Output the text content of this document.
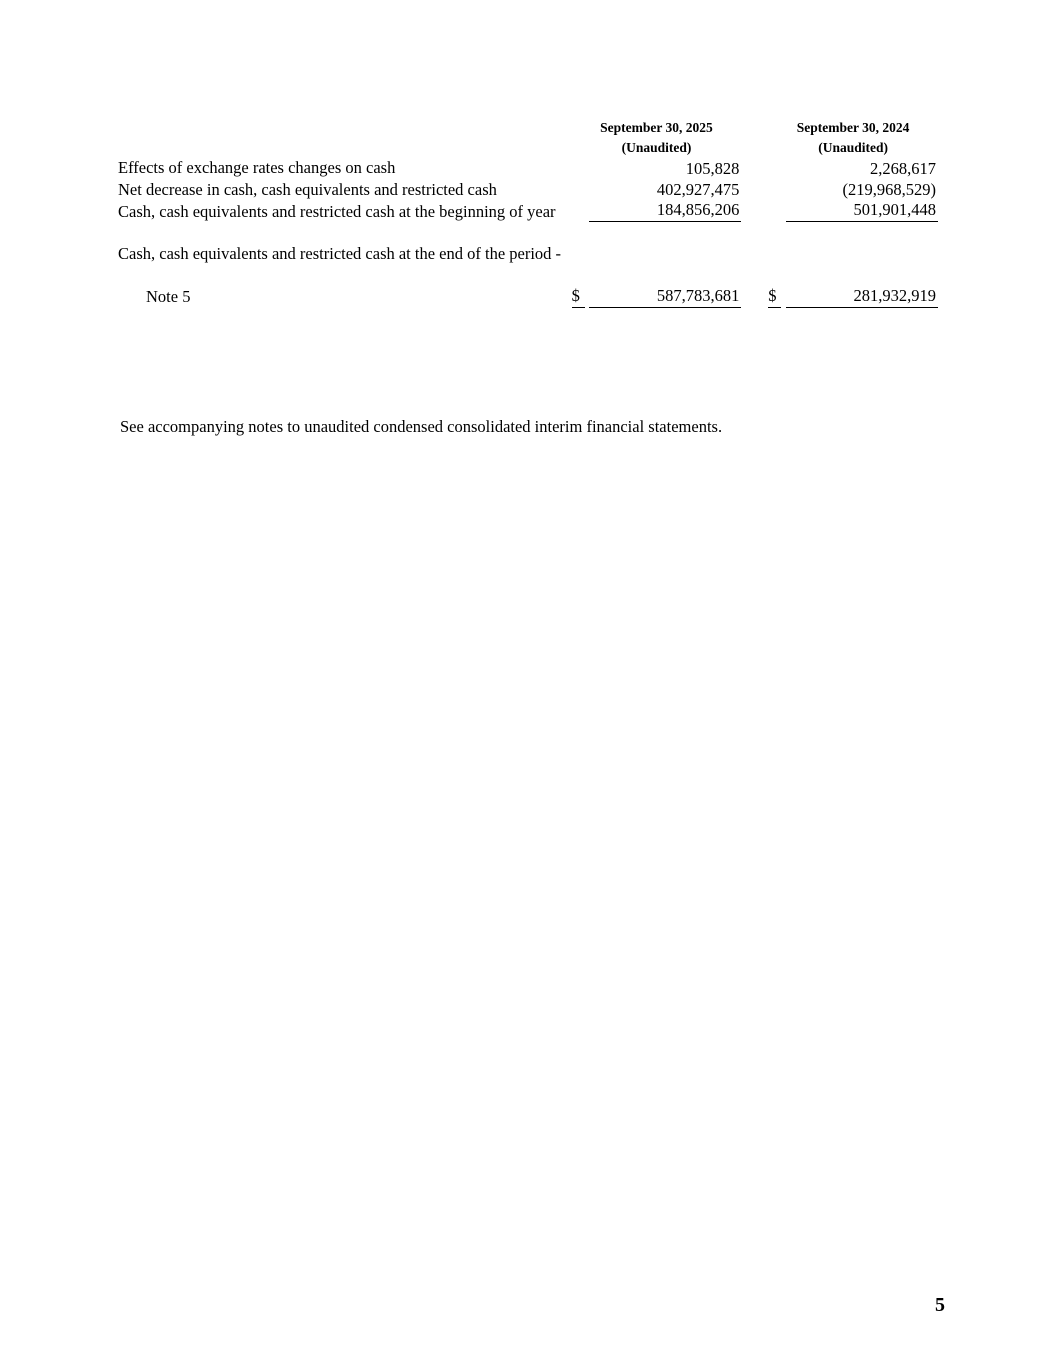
	September 30, 2025
(Unaudited)			September 30, 2024
(Unaudited)	

Effects of exchange rates changes on cash		105,828			2,268,617
Net decrease in cash, cash equivalents and restricted cash		402,927,475			(219,968,529)
Cash, cash equivalents and restricted cash at the beginning of year		184,856,206			501,901,448

Cash, cash equivalents and restricted cash at the end of the period -

Note 5	$	587,783,681		$	281,932,919
See accompanying notes to unaudited condensed consolidated interim financial statements.
5
